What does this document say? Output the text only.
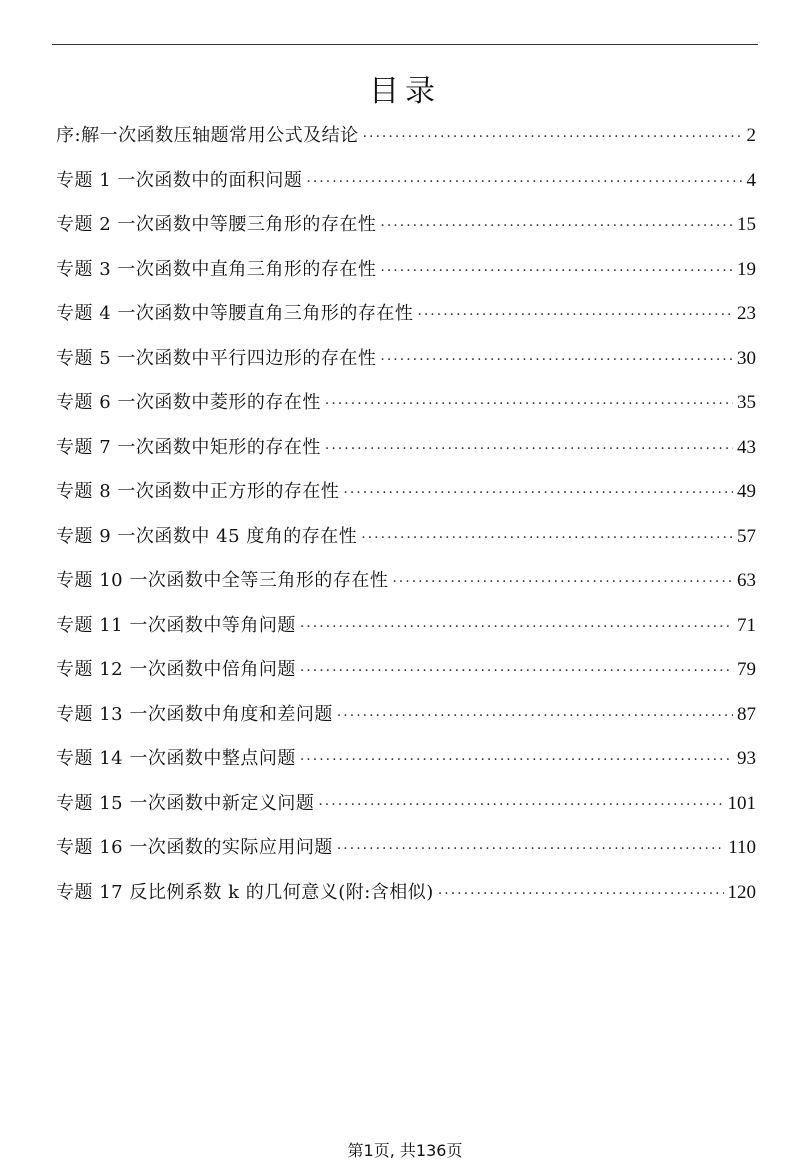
目录
序:解一次函数压轴题常用公式及结论 ·····	2
专题 1 一次函数中的面积问题 ·····	4
专题 2 一次函数中等腰三角形的存在性 ·····	15
专题 3 一次函数中直角三角形的存在性 ·····	19
专题 4 一次函数中等腰直角三角形的存在性 ·····	23
专题 5 一次函数中平行四边形的存在性 ·····	30
专题 6 一次函数中菱形的存在性 ·····	35
专题 7 一次函数中矩形的存在性 ·····	43
专题 8 一次函数中正方形的存在性 ·····	49
专题 9 一次函数中 45 度角的存在性 ·····	57
专题 10 一次函数中全等三角形的存在性 ·····	63
专题 11 一次函数中等角问题 ·····	71
专题 12 一次函数中倍角问题 ·····	79
专题 13 一次函数中角度和差问题 ·····	87
专题 14 一次函数中整点问题 ·····	93
专题 15 一次函数中新定义问题 ·····	101
专题 16 一次函数的实际应用问题 ·····	110
专题 17 反比例系数 k 的几何意义(附:含相似) ·····	120
第1页, 共136页
